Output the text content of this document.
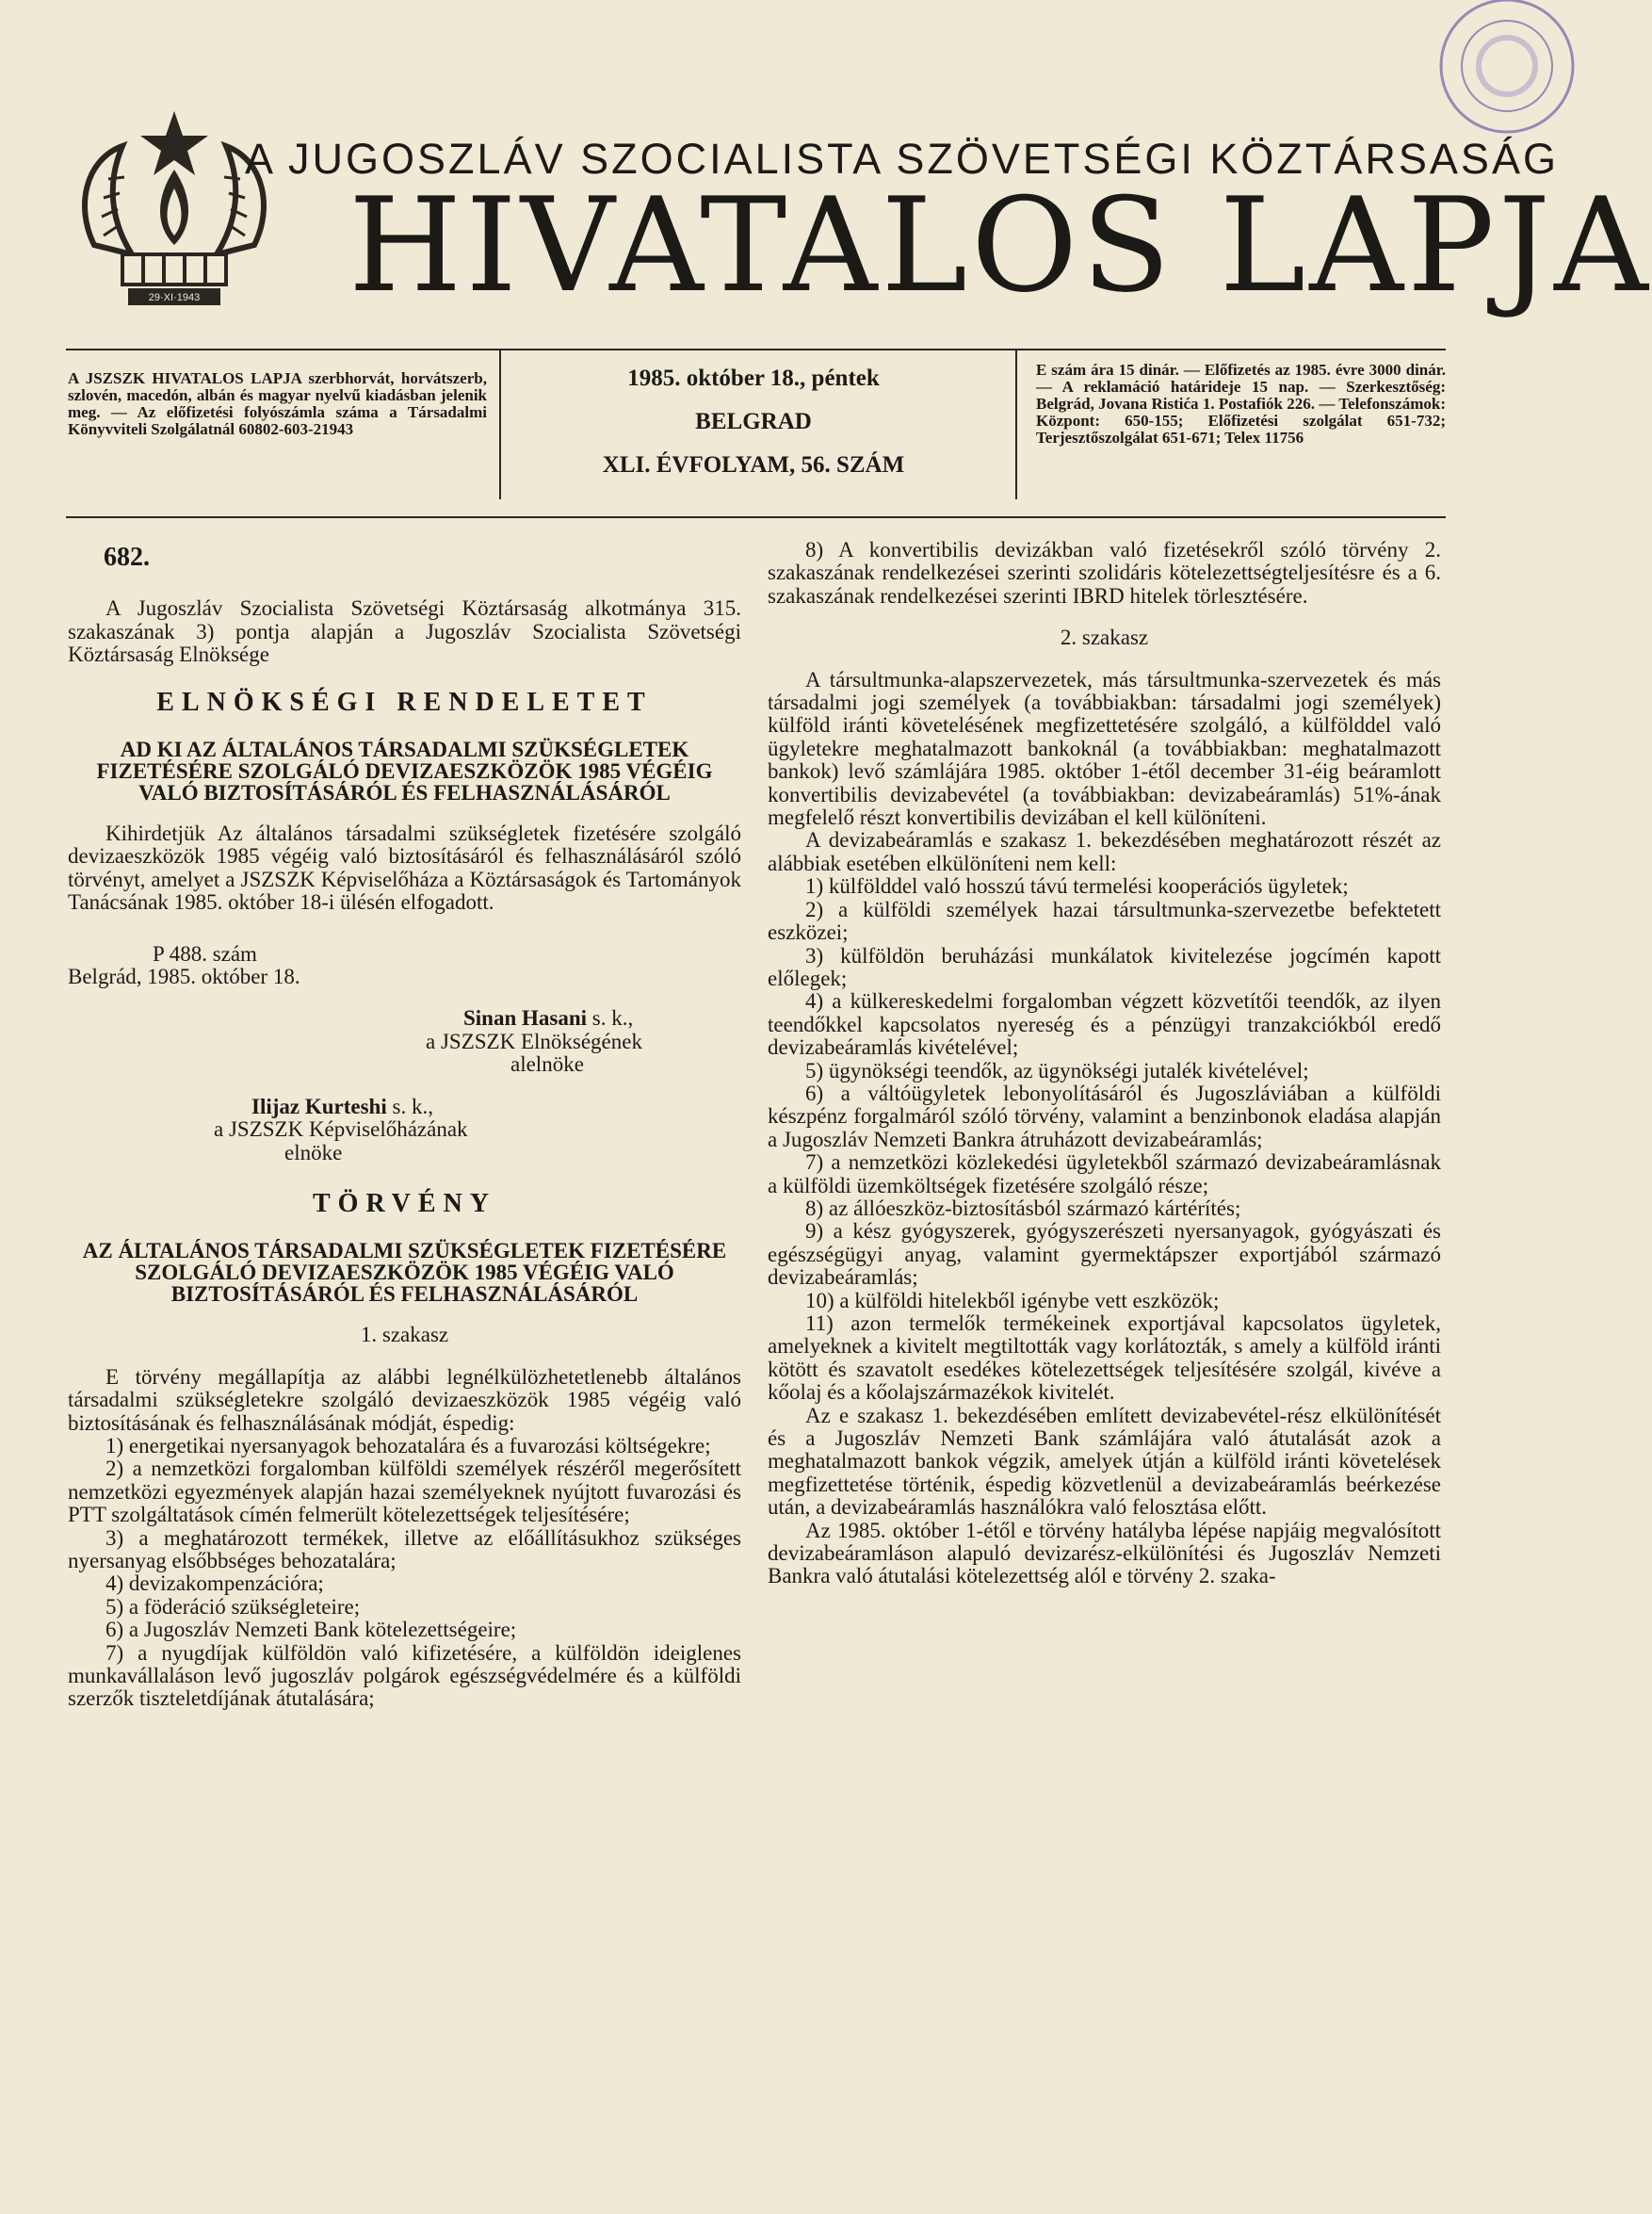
29·XI·1943
A JUGOSZLÁV SZOCIALISTA SZÖVETSÉGI KÖZTÁRSASÁG
HIVATALOS LAPJA
A JSZSZK HIVATALOS LAPJA szerbhorvát, horvátszerb, szlovén, macedón, albán és magyar nyelvű kiadásban jelenik meg. — Az előfizetési folyószámla száma a Társadalmi Könyvviteli Szolgálatnál 60802-603-21943
1985. október 18., péntek
BELGRAD
XLI. ÉVFOLYAM, 56. SZÁM
E szám ára 15 dinár. — Előfizetés az 1985. évre 3000 dinár. — A reklamáció határideje 15 nap. — Szerkesztőség: Belgrád, Jovana Ristića 1. Postafiók 226. — Telefonszámok: Központ: 650-155; Előfizetési szolgálat 651-732; Terjesztőszolgálat 651-671; Telex 11756
682.

A Jugoszláv Szocialista Szövetségi Köztársaság alkotmánya 315. szakaszának 3) pontja alapján a Jugoszláv Szocialista Szövetségi Köztársaság Elnöksége

ELNÖKSÉGI RENDELETET
AD KI AZ ÁLTALÁNOS TÁRSADALMI SZÜKSÉGLETEK FIZETÉSÉRE SZOLGÁLÓ DEVIZAESZKÖZÖK 1985 VÉGÉIG VALÓ BIZTOSÍTÁSÁRÓL ÉS FELHASZNÁLÁSÁRÓL

Kihirdetjük Az általános társadalmi szükségletek fizetésére szolgáló devizaeszközök 1985 végéig való biztosításáról és felhasználásáról szóló törvényt, amelyet a JSZSZK Képviselőháza a Köztársaságok és Tartományok Tanácsának 1985. október 18-i ülésén elfogadott.

P 488. szám

Belgrád, 1985. október 18.

Sinan Hasani s. k.,

a JSZSZK Elnökségének

alelnöke

Ilijaz Kurteshi s. k.,

a JSZSZK Képviselőházának

elnöke

TÖRVÉNY
AZ ÁLTALÁNOS TÁRSADALMI SZÜKSÉGLETEK FIZETÉSÉRE SZOLGÁLÓ DEVIZAESZKÖZÖK 1985 VÉGÉIG VALÓ BIZTOSÍTÁSÁRÓL ÉS FELHASZNÁLÁSÁRÓL

1. szakasz

E törvény megállapítja az alábbi legnélkülözhetetlenebb általános társadalmi szükségletekre szolgáló devizaeszközök 1985 végéig való biztosításának és felhasználásának módját, éspedig:

1) energetikai nyersanyagok behozatalára és a fuvarozási költségekre;

2) a nemzetközi forgalomban külföldi személyek részéről megerősített nemzetközi egyezmények alapján hazai személyeknek nyújtott fuvarozási és PTT szolgáltatások címén felmerült kötelezettségek teljesítésére;

3) a meghatározott termékek, illetve az előállításukhoz szükséges nyersanyag elsőbbséges behozatalára;

4) devizakompenzációra;

5) a föderáció szükségleteire;

6) a Jugoszláv Nemzeti Bank kötelezettségeire;

7) a nyugdíjak külföldön való kifizetésére, a külföldön ideiglenes munkavállaláson levő jugoszláv polgárok egészségvédelmére és a külföldi szerzők tiszteletdíjának átutalására;

8) A konvertibilis devizákban való fizetésekről szóló törvény 2. szakaszának rendelkezései szerinti szolidáris kötelezettségteljesítésre és a 6. szakaszának rendelkezései szerinti IBRD hitelek törlesztésére.

2. szakasz

A társultmunka-alapszervezetek, más társultmunka-szervezetek és más társadalmi jogi személyek (a továbbiakban: társadalmi jogi személyek) külföld iránti követelésének megfizettetésére szolgáló, a külfölddel való ügyletekre meghatalmazott bankoknál (a továbbiakban: meghatalmazott bankok) levő számlájára 1985. október 1-étől december 31-éig beáramlott konvertibilis devizabevétel (a továbbiakban: devizabeáramlás) 51%-ának megfelelő részt konvertibilis devizában el kell különíteni.

A devizabeáramlás e szakasz 1. bekezdésében meghatározott részét az alábbiak esetében elkülöníteni nem kell:

1) külfölddel való hosszú távú termelési kooperációs ügyletek;

2) a külföldi személyek hazai társultmunka-szervezetbe befektetett eszközei;

3) külföldön beruházási munkálatok kivitelezése jogcímén kapott előlegek;

4) a külkereskedelmi forgalomban végzett közvetítői teendők, az ilyen teendőkkel kapcsolatos nyereség és a pénzügyi tranzakciókból eredő devizabeáramlás kivételével;

5) ügynökségi teendők, az ügynökségi jutalék kivételével;

6) a váltóügyletek lebonyolításáról és Jugoszláviában a külföldi készpénz forgalmáról szóló törvény, valamint a benzinbonok eladása alapján a Jugoszláv Nemzeti Bankra átruházott devizabeáramlás;

7) a nemzetközi közlekedési ügyletekből származó devizabeáramlásnak a külföldi üzemköltségek fizetésére szolgáló része;

8) az állóeszköz-biztosításból származó kártérítés;

9) a kész gyógyszerek, gyógyszerészeti nyersanyagok, gyógyászati és egészségügyi anyag, valamint gyermektápszer exportjából származó devizabeáramlás;

10) a külföldi hitelekből igénybe vett eszközök;

11) azon termelők termékeinek exportjával kapcsolatos ügyletek, amelyeknek a kivitelt megtiltották vagy korlátozták, s amely a külföld iránti kötött és szavatolt esedékes kötelezettségek teljesítésére szolgál, kivéve a kőolaj és a kőolajszármazékok kivitelét.

Az e szakasz 1. bekezdésében említett devizabevétel-rész elkülönítését és a Jugoszláv Nemzeti Bank számlájára való átutalását azok a meghatalmazott bankok végzik, amelyek útján a külföld iránti követelések megfizettetése történik, éspedig közvetlenül a devizabeáramlás beérkezése után, a devizabeáramlás használókra való felosztása előtt.

Az 1985. október 1-étől e törvény hatályba lépése napjáig megvalósított devizabeáramláson alapuló devizarész-elkülönítési és Jugoszláv Nemzeti Bankra való átutalási kötelezettség alól e törvény 2. szaka-
